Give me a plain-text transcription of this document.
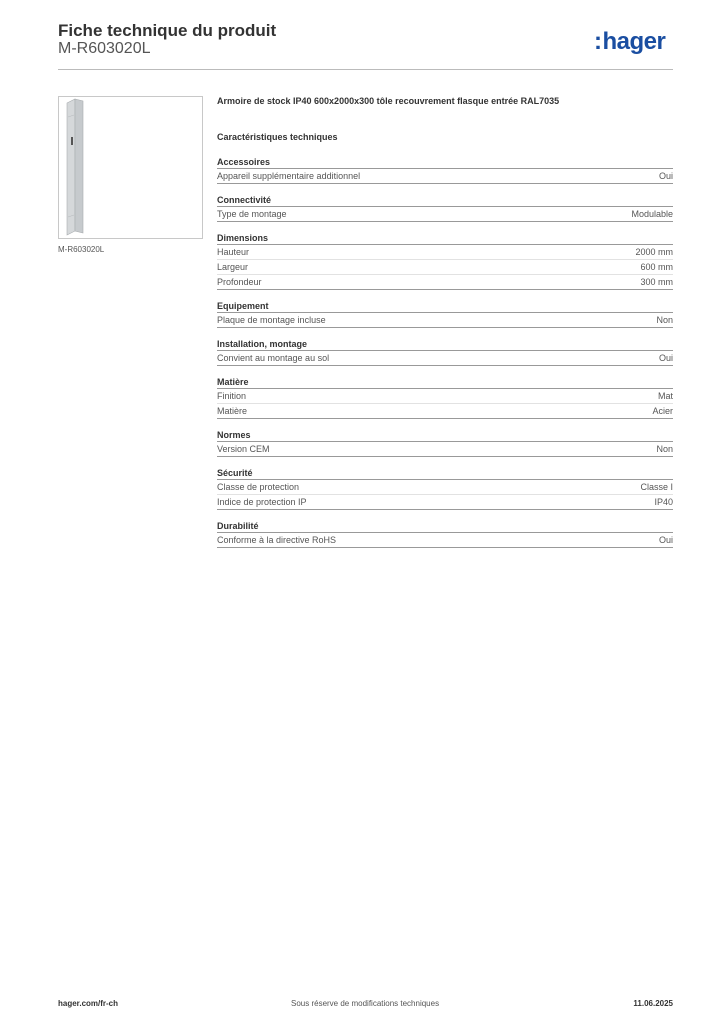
Fiche technique du produit
M-R603020L	:hager
M-R603020L
Armoire de stock IP40 600x2000x300 tôle recouvrement flasque entrée RAL7035
Caractéristiques techniques
Accessoires
Appareil supplémentaire additionnel	Oui
Connectivité
Type de montage	Modulable
Dimensions
Hauteur	2000 mm
Largeur	600 mm
Profondeur	300 mm
Equipement
Plaque de montage incluse	Non
Installation, montage
Convient au montage au sol	Oui
Matière
Finition	Mat
Matière	Acier
Normes
Version CEM	Non
Sécurité
Classe de protection	Classe I
Indice de protection IP	IP40
Durabilité
Conforme à la directive RoHS	Oui
hager.com/fr-ch	Sous réserve de modifications techniques	11.06.2025
